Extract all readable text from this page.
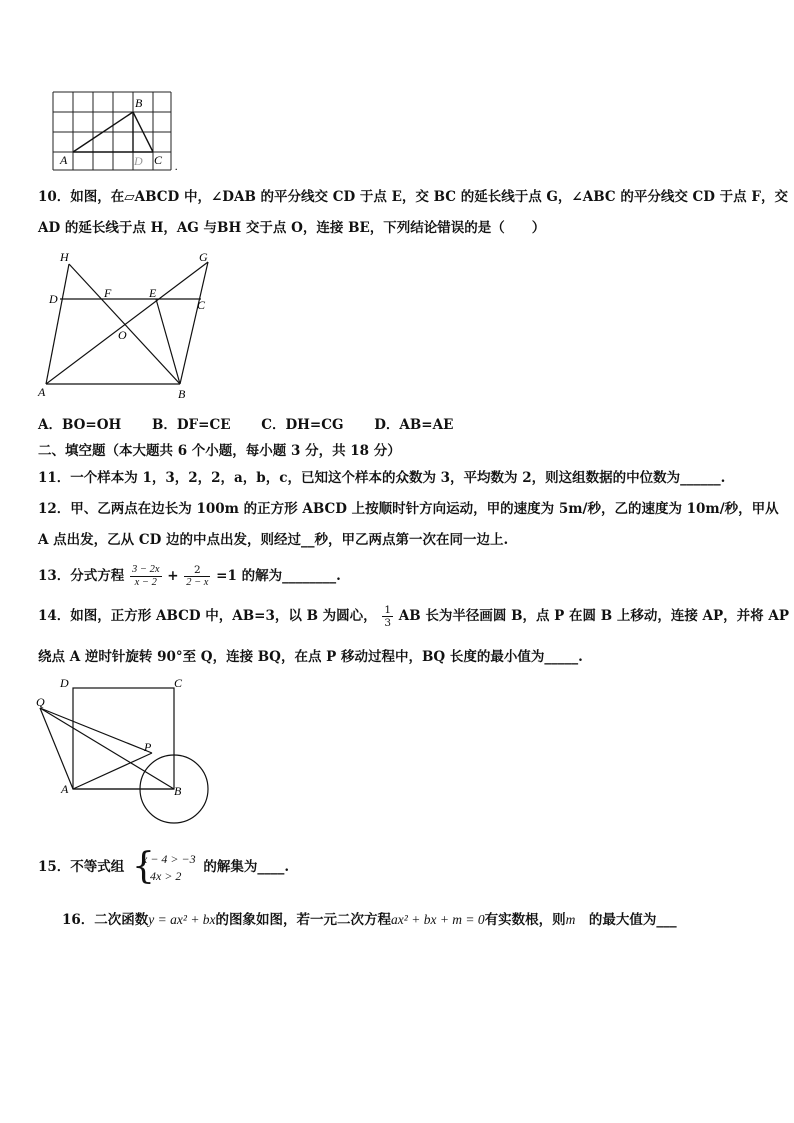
B
A	D C .
10．如图，在▱ABCD 中，∠DAB 的平分线交 CD 于点 E，交 BC 的延长线于点 G，∠ABC 的平分线交 CD 于点 F，交
AD 的延长线于点 H，AG 与BH 交于点 O，连接 BE，下列结论错误的是（　　）
H	G
D	F	E
C
O
A	B
A．BO=OH B．DF=CE C．DH=CG D．AB=AE
二、填空题（本大题共 6 个小题，每小题 3 分，共 18 分）
11．一个样本为 1，3，2，2，a，b，c，已知这个样本的众数为 3，平均数为 2，则这组数据的中位数为______.
12．甲、乙两点在边长为 100m 的正方形 ABCD 上按顺时针方向运动，甲的速度为 5m/秒，乙的速度为 10m/秒，甲从
A 点出发，乙从 CD 边的中点出发，则经过__秒，甲乙两点第一次在同一边上.
13．分式方程 $\frac{3 - 2x}{x - 2} + \frac{2}{2 - x} =1$ 的解为________.
14．如图，正方形 ABCD 中，AB=3，以 B 为圆心， $\frac{1}{3}$ AB 长为半径画圆 B，点 P 在圆 B 上移动，连接 AP，并将 AP
绕点 A 逆时针旋转 90°至 Q，连接 BQ，在点 P 移动过程中，BQ 长度的最小值为_____.
D	C
Q
P
A	B
15．不等式组 {
x − 4 > −3
4x > 2
的解集为____.
16．二次函数y = ax² + bx的图象如图，若一元二次方程ax² + bx + m = 0有实数根，则m　的最大值为___
